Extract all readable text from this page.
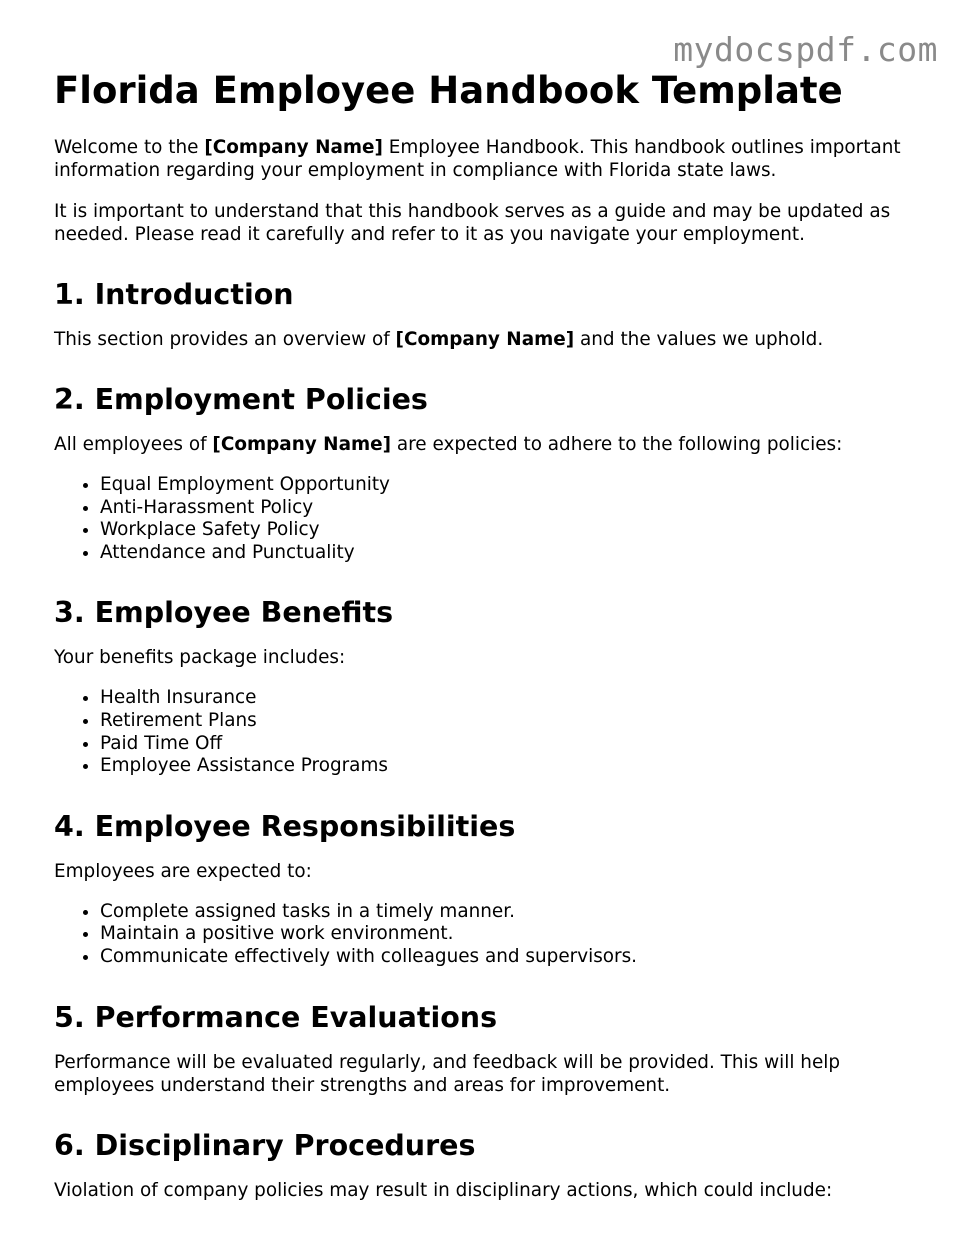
mydocspdf.com
Florida Employee Handbook Template

Welcome to the [Company Name] Employee Handbook. This handbook outlines important information regarding your employment in compliance with Florida state laws.

It is important to understand that this handbook serves as a guide and may be updated as needed. Please read it carefully and refer to it as you navigate your employment.

1. Introduction

This section provides an overview of [Company Name] and the values we uphold.

2. Employment Policies

All employees of [Company Name] are expected to adhere to the following policies:

• Equal Employment Opportunity
• Anti-Harassment Policy
• Workplace Safety Policy
• Attendance and Punctuality
3. Employee Benefits

Your benefits package includes:

• Health Insurance
• Retirement Plans
• Paid Time Off
• Employee Assistance Programs
4. Employee Responsibilities

Employees are expected to:

• Complete assigned tasks in a timely manner.
• Maintain a positive work environment.
• Communicate effectively with colleagues and supervisors.
5. Performance Evaluations

Performance will be evaluated regularly, and feedback will be provided. This will help employees understand their strengths and areas for improvement.

6. Disciplinary Procedures

Violation of company policies may result in disciplinary actions, which could include:
